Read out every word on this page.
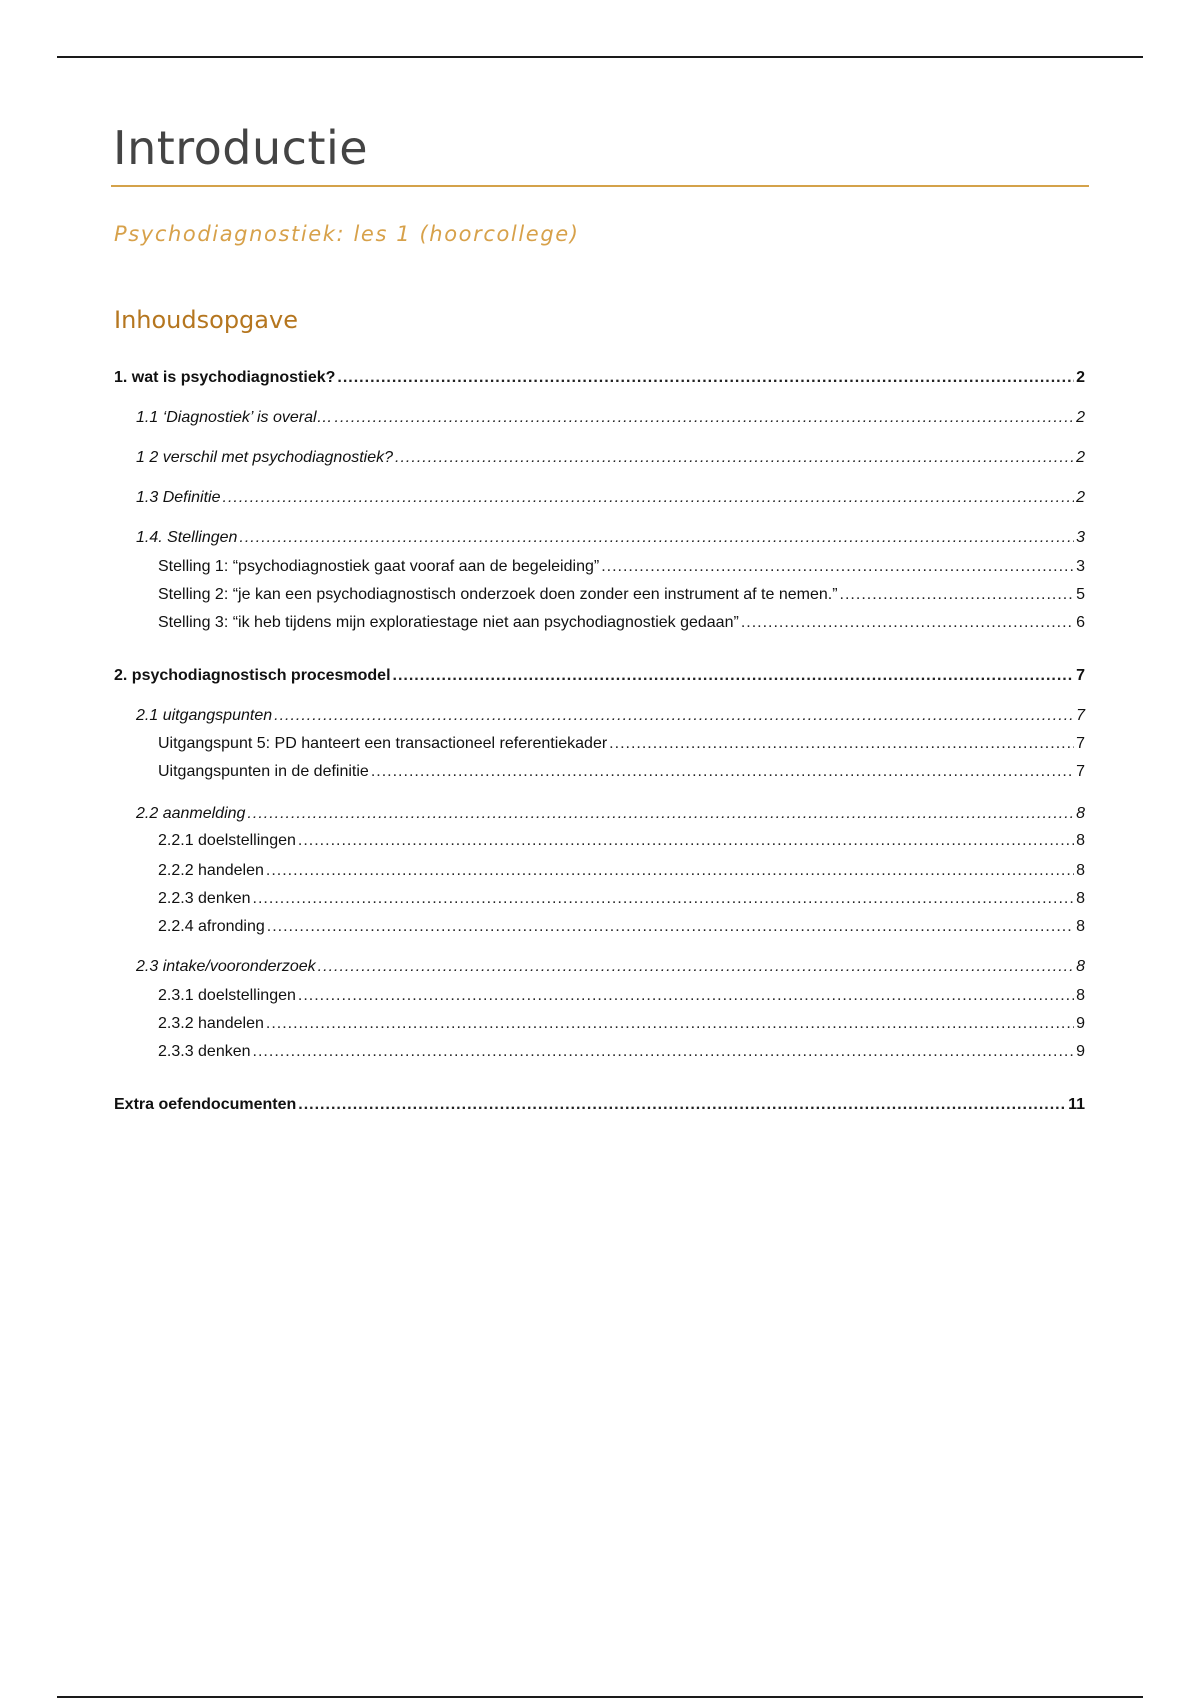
Introductie
Psychodiagnostiek: les 1 (hoorcollege)
Inhoudsopgave
1. wat is psychodiagnostiek? .....	2
1.1 ‘Diagnostiek’ is overal… .....	2
1 2 verschil met psychodiagnostiek? .....	2
1.3 Definitie .....	2
1.4. Stellingen .....	3
Stelling 1: “psychodiagnostiek gaat vooraf aan de begeleiding” .....	3
Stelling 2: “je kan een psychodiagnostisch onderzoek doen zonder een instrument af te nemen.” .....	5
Stelling 3: “ik heb tijdens mijn exploratiestage niet aan psychodiagnostiek gedaan” .....	6
2. psychodiagnostisch procesmodel .....	7
2.1 uitgangspunten .....	7
Uitgangspunt 5: PD hanteert een transactioneel referentiekader .....	7
Uitgangspunten in de definitie .....	7
2.2 aanmelding .....	8
2.2.1 doelstellingen .....	8
2.2.2 handelen .....	8
2.2.3 denken .....	8
2.2.4 afronding .....	8
2.3 intake/vooronderzoek .....	8
2.3.1 doelstellingen .....	8
2.3.2 handelen .....	9
2.3.3 denken .....	9
Extra oefendocumenten .....	11
